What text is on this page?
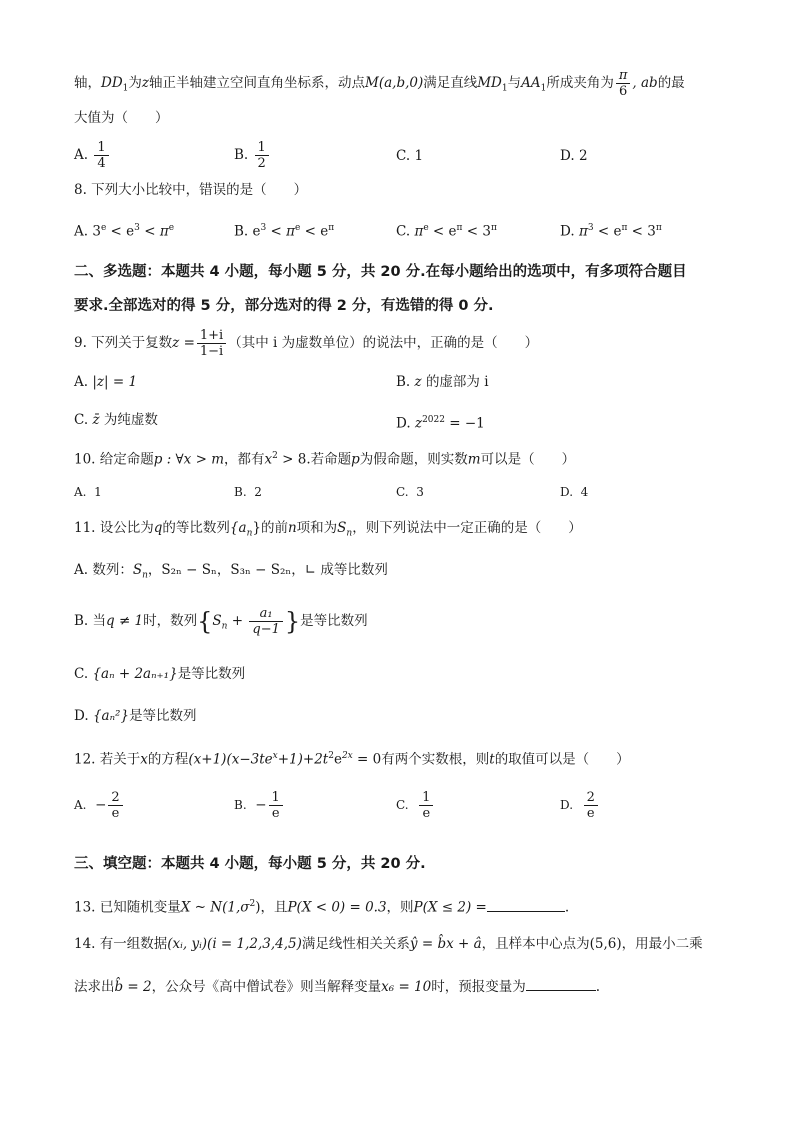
轴，$DD_1$为z轴正半轴建立空间直角坐标系，动点M(a,b,0)满足直线$MD_1$与$AA_1$所成夹角为 $\frac{\pi}{6}$ , ab的最
大值为（　　）
A. $\frac{1}{4}$	B. $\frac{1}{2}$	C. 1	D. 2
8. 下列大小比较中，错误的是（　　）
A. $3^e < e^3 < \pi^e$	B. $e^3 < \pi^e < e^\pi$	C. $\pi^e < e^\pi < 3^\pi$	D. $\pi^3 < e^\pi < 3^\pi$
二、多选题：本题共 4 小题，每小题 5 分，共 20 分.在每小题给出的选项中，有多项符合题目
要求.全部选对的得 5 分，部分选对的得 2 分，有选错的得 0 分.
9. 下列关于复数$z = \frac{1+i}{1-i}$ （其中 i 为虚数单位）的说法中，正确的是（　　）
A. |z| = 1	B. z 的虚部为 i
C. z̄ 为纯虚数	D. $z^{2022} = -1$
10. 给定命题p : ∀x > m，都有$x^2 > 8$.若命题p为假命题，则实数m可以是（　　）
A. 1	B. 2	C. 3	D. 4
11. 设公比为q的等比数列$\{a_n\}$的前n项和为$S_n$，则下列说法中一定正确的是（　　）
A. 数列：$S_n$，S₂ₙ − Sₙ，S₃ₙ − S₂ₙ，∟ 成等比数列
B. 当q ≠ 1时，数列{$S_n + \frac{\text{a₁}}{q-1}$ }是等比数列
C. {aₙ + 2aₙ₊₁}是等比数列
D. {aₙ²}是等比数列
12. 若关于x的方程$(x+1)(x-3te^x+1)+2t^2e^{2x} = 0$有两个实数根，则t的取值可以是（　　）
A. − $\frac{2}{e}$	B. − $\frac{1}{e}$	C. $\frac{1}{e}$	D. $\frac{2}{e}$
三、填空题：本题共 4 小题，每小题 5 分，共 20 分.
13. 已知随机变量X ~ $N(1,\sigma^2)$，且P(X < 0) = 0.3，则P(X ≤ 2) =	.
14. 有一组数据(xᵢ, yᵢ)(i = 1,2,3,4,5)满足线性相关关系ŷ = b̂x + â，且样本中心点为(5,6)，用最小二乘
法求出b̂ = 2，公众号《高中僧试卷》则当解释变量x₆ = 10时，预报变量为	.
